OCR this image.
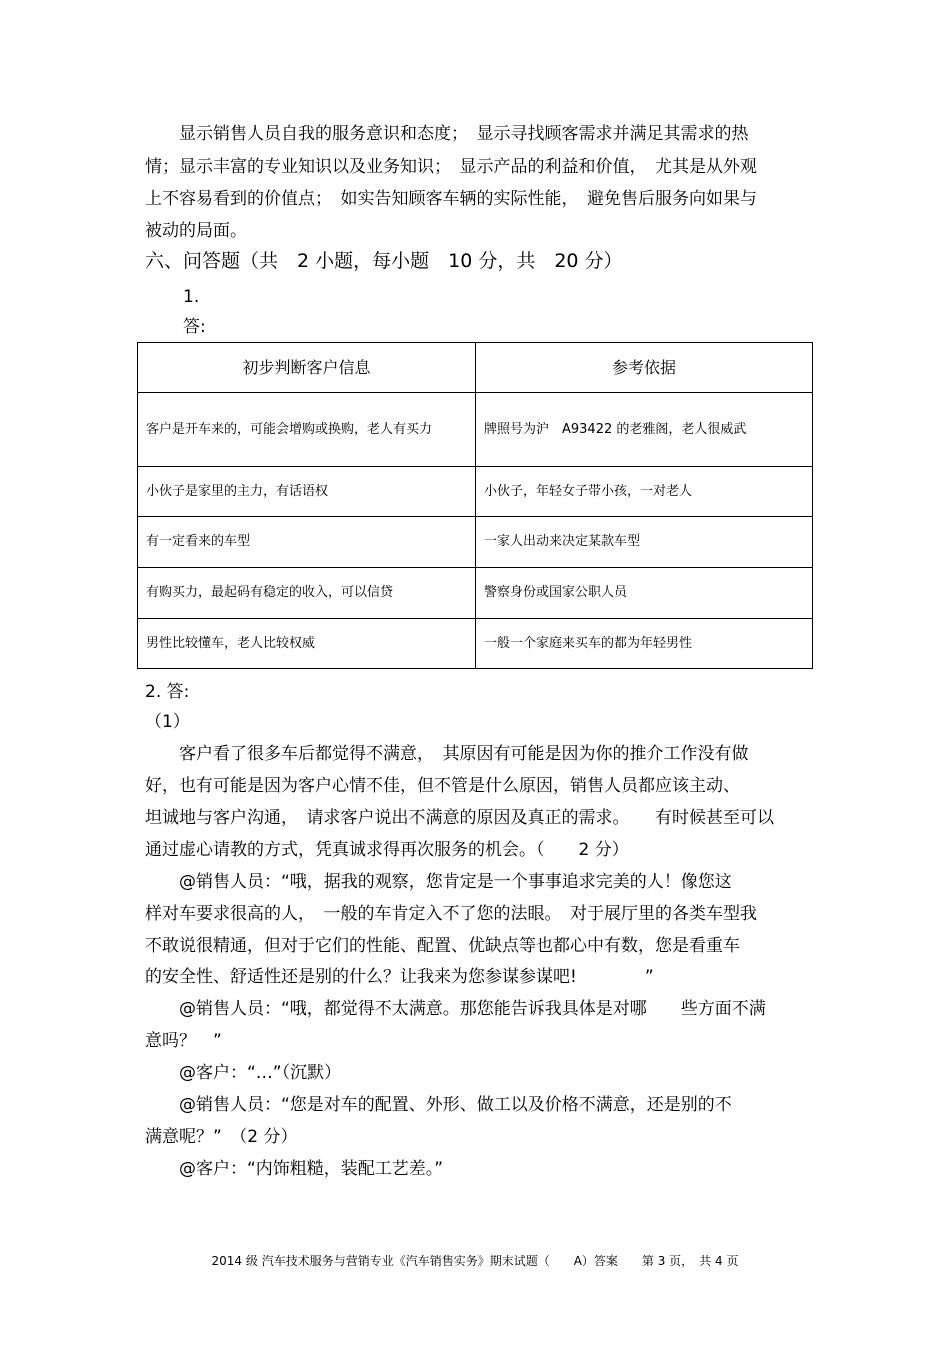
　　显示销售人员自我的服务意识和态度；　显示寻找顾客需求并满足其需求的热
情；显示丰富的专业知识以及业务知识；　显示产品的利益和价值，　尤其是从外观
上不容易看到的价值点；　如实告知顾客车辆的实际性能，　避免售后服务向如果与
被动的局面。
六、问答题（共　2 小题，每小题　10 分，共　20 分）
1.
答:
初步判断客户信息	参考依据
客户是开车来的，可能会增购或换购，老人有买力	牌照号为沪　A93422 的老雅阁，老人很威武
小伙子是家里的主力，有话语权	小伙子，年轻女子带小孩，一对老人
有一定看来的车型	一家人出动来决定某款车型
有购买力，最起码有稳定的收入，可以信贷	警察身份或国家公职人员
男性比较懂车，老人比较权威	一般一个家庭来买车的都为年轻男性
2. 答:
（1）
　　客户看了很多车后都觉得不满意，　其原因有可能是因为你的推介工作没有做
好，也有可能是因为客户心情不佳，但不管是什么原因，销售人员都应该主动、
坦诚地与客户沟通，　请求客户说出不满意的原因及真正的需求。　　有时候甚至可以
通过虚心请教的方式，凭真诚求得再次服务的机会。（　　2 分）
　　@销售人员：“哦，据我的观察，您肯定是一个事事追求完美的人！像您这
样对车要求很高的人，　一般的车肯定入不了您的法眼。　对于展厅里的各类车型我
不敢说很精通，但对于它们的性能、配置、优缺点等也都心中有数，您是看重车
的安全性、舒适性还是别的什么？让我来为您参谋参谋吧!　　　　”
　　@销售人员：“哦，都觉得不太满意。那您能告诉我具体是对哪　　些方面不满
意吗？　”
　　@客户：“…”（沉默）
　　@销售人员：“您是对车的配置、外形、做工以及价格不满意，还是别的不
满意呢？”　（2 分）
　　@客户：“内饰粗糙，装配工艺差。”
2014 级 汽车技术服务与营销专业《汽车销售实务》期末试题（　　A）答案　　第 3 页，　共 4 页
